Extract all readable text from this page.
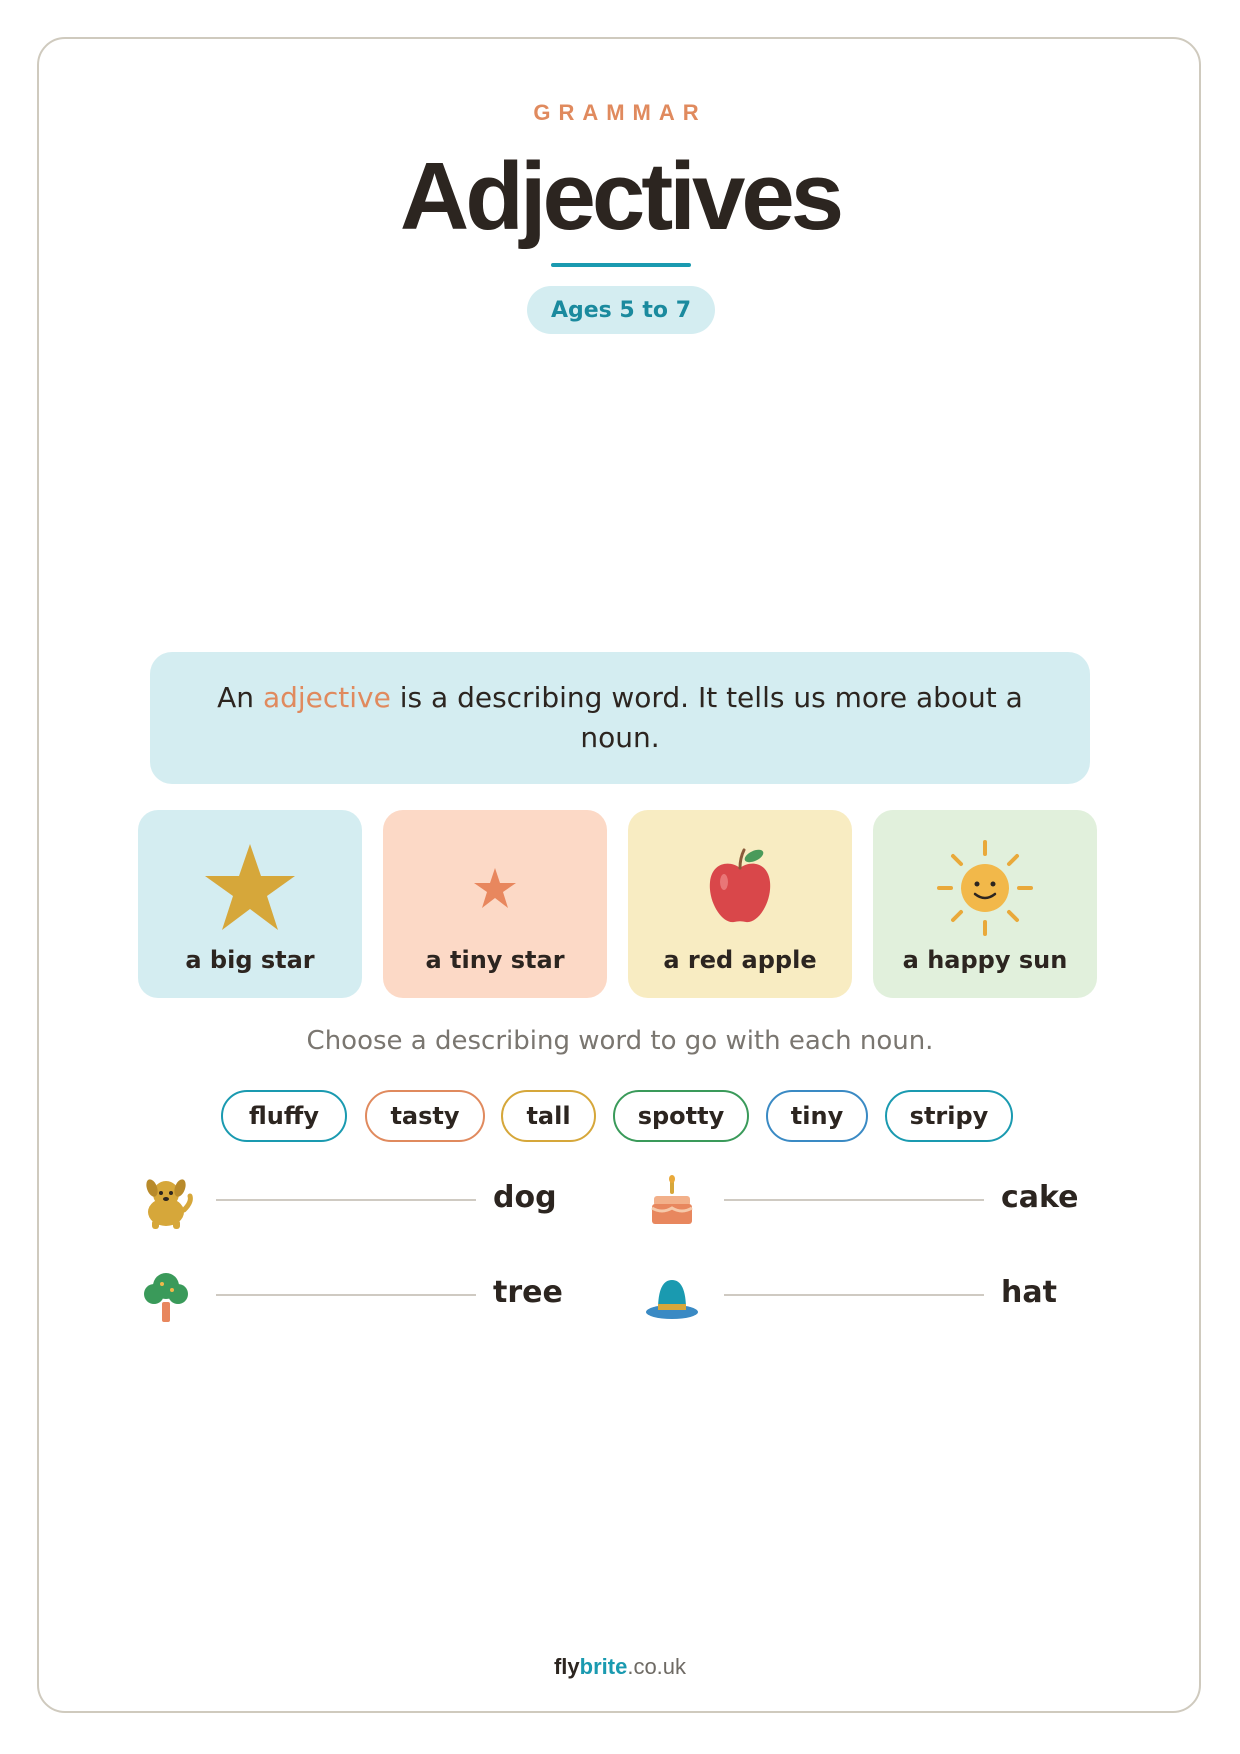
GRAMMAR
Adjectives
Ages 5 to 7
An adjective is a describing word. It tells us more about a noun.
a big star	a tiny star	a red apple	a happy sun
Choose a describing word to go with each noun.
fluffy	tasty	tall	spotty	tiny	stripy
dog	cake
tree	hat
flybrite.co.uk
